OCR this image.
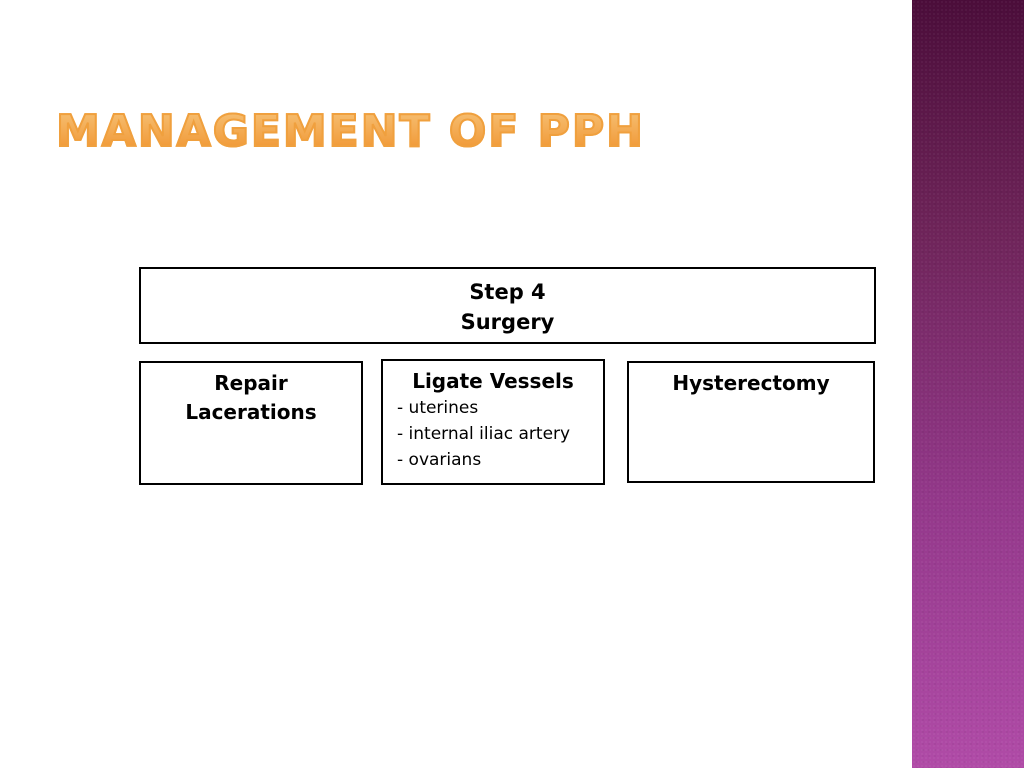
MANAGEMENT OF PPH
Step 4
Surgery
Repair
Lacerations
Ligate Vessels
- uterines
- internal iliac artery
- ovarians
Hysterectomy
